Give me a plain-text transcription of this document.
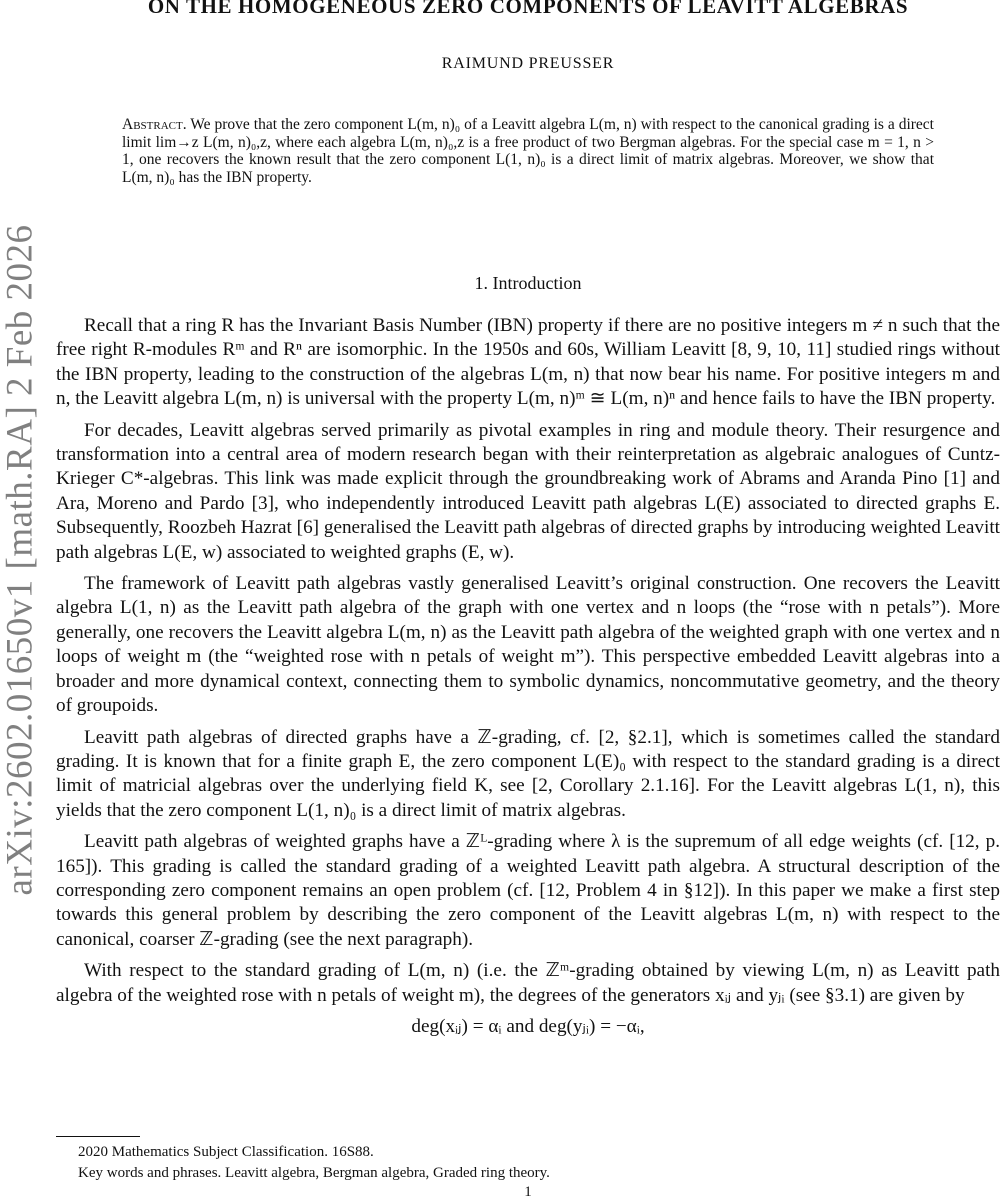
arXiv:2602.01650v1 [math.RA] 2 Feb 2026
ON THE HOMOGENEOUS ZERO COMPONENTS OF LEAVITT ALGEBRAS
RAIMUND PREUSSER
Abstract. We prove that the zero component L(m, n)₀ of a Leavitt algebra L(m, n) with respect to the canonical grading is a direct limit lim→z L(m, n)₀,z, where each algebra L(m, n)₀,z is a free product of two Bergman algebras. For the special case m = 1, n > 1, one recovers the known result that the zero component L(1, n)₀ is a direct limit of matrix algebras. Moreover, we show that L(m, n)₀ has the IBN property.
1. Introduction

Recall that a ring R has the Invariant Basis Number (IBN) property if there are no positive integers m ≠ n such that the free right R-modules Rᵐ and Rⁿ are isomorphic. In the 1950s and 60s, William Leavitt [8, 9, 10, 11] studied rings without the IBN property, leading to the construction of the algebras L(m, n) that now bear his name. For positive integers m and n, the Leavitt algebra L(m, n) is universal with the property L(m, n)ᵐ ≅ L(m, n)ⁿ and hence fails to have the IBN property.

For decades, Leavitt algebras served primarily as pivotal examples in ring and module theory. Their resurgence and transformation into a central area of modern research began with their reinterpretation as algebraic analogues of Cuntz-Krieger C*-algebras. This link was made explicit through the groundbreaking work of Abrams and Aranda Pino [1] and Ara, Moreno and Pardo [3], who independently introduced Leavitt path algebras L(E) associated to directed graphs E. Subsequently, Roozbeh Hazrat [6] generalised the Leavitt path algebras of directed graphs by introducing weighted Leavitt path algebras L(E, w) associated to weighted graphs (E, w).

The framework of Leavitt path algebras vastly generalised Leavitt’s original construction. One recovers the Leavitt algebra L(1, n) as the Leavitt path algebra of the graph with one vertex and n loops (the “rose with n petals”). More generally, one recovers the Leavitt algebra L(m, n) as the Leavitt path algebra of the weighted graph with one vertex and n loops of weight m (the “weighted rose with n petals of weight m”). This perspective embedded Leavitt algebras into a broader and more dynamical context, connecting them to symbolic dynamics, noncommutative geometry, and the theory of groupoids.

Leavitt path algebras of directed graphs have a ℤ-grading, cf. [2, §2.1], which is sometimes called the standard grading. It is known that for a finite graph E, the zero component L(E)₀ with respect to the standard grading is a direct limit of matricial algebras over the underlying field K, see [2, Corollary 2.1.16]. For the Leavitt algebras L(1, n), this yields that the zero component L(1, n)₀ is a direct limit of matrix algebras.

Leavitt path algebras of weighted graphs have a ℤᴸ-grading where λ is the supremum of all edge weights (cf. [12, p. 165]). This grading is called the standard grading of a weighted Leavitt path algebra. A structural description of the corresponding zero component remains an open problem (cf. [12, Problem 4 in §12]). In this paper we make a first step towards this general problem by describing the zero component of the Leavitt algebras L(m, n) with respect to the canonical, coarser ℤ-grading (see the next paragraph).

With respect to the standard grading of L(m, n) (i.e. the ℤᵐ-grading obtained by viewing L(m, n) as Leavitt path algebra of the weighted rose with n petals of weight m), the degrees of the generators xᵢⱼ and yⱼᵢ (see §3.1) are given by

deg(xᵢⱼ) = αᵢ and deg(yⱼᵢ) = −αᵢ,
2020 Mathematics Subject Classification. 16S88.
Key words and phrases. Leavitt algebra, Bergman algebra, Graded ring theory.
1
